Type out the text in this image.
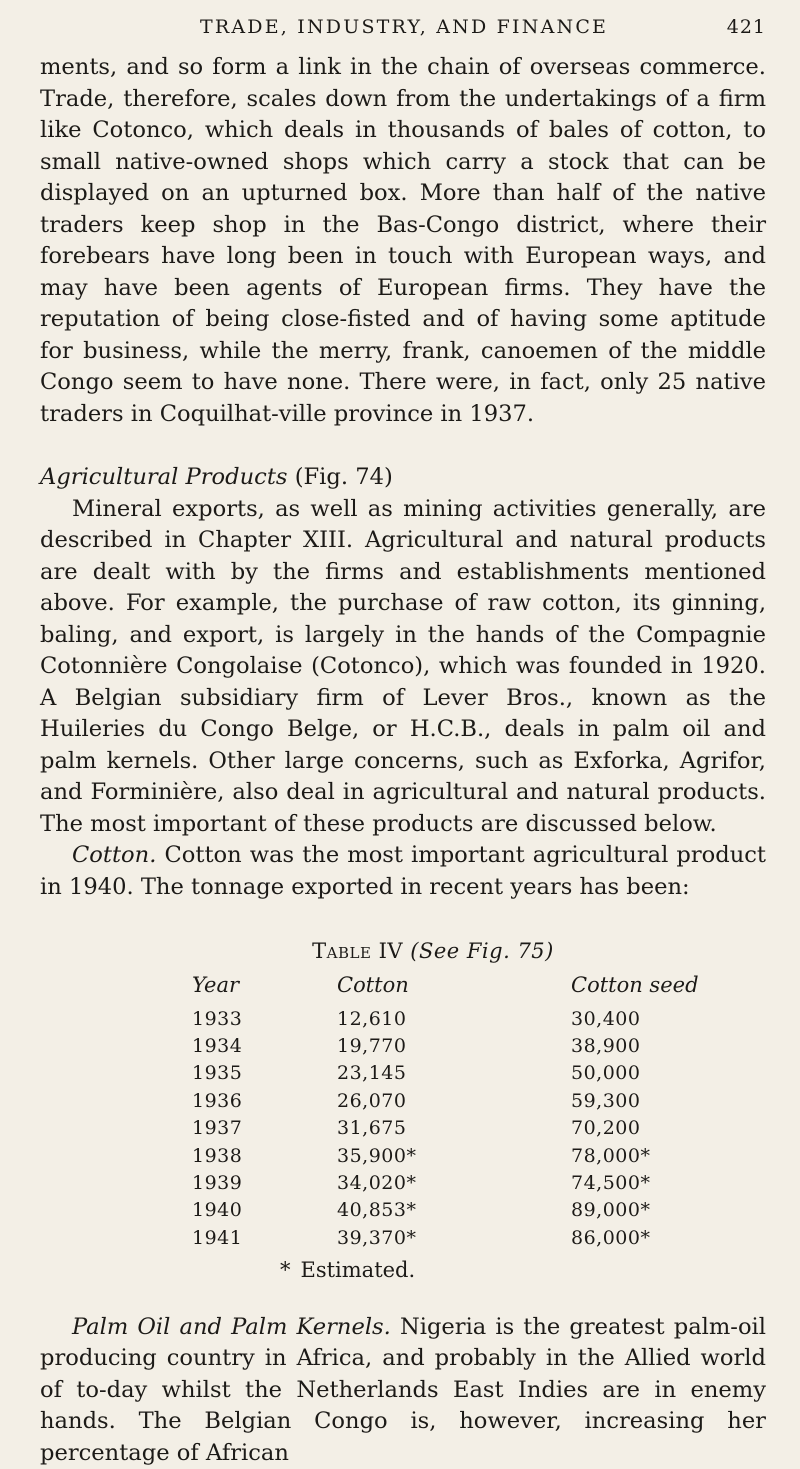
TRADE, INDUSTRY, AND FINANCE	421

ments, and so form a link in the chain of overseas commerce. Trade, therefore, scales down from the undertakings of a firm like Cotonco, which deals in thousands of bales of cotton, to small native-owned shops which carry a stock that can be displayed on an upturned box. More than half of the native traders keep shop in the Bas-Congo district, where their forebears have long been in touch with European ways, and may have been agents of European firms. They have the reputation of being close-fisted and of having some aptitude for business, while the merry, frank, canoemen of the middle Congo seem to have none. There were, in fact, only 25 native traders in Coquilhat-ville province in 1937.

Agricultural Products (Fig. 74)

Mineral exports, as well as mining activities generally, are described in Chapter XIII. Agricultural and natural products are dealt with by the firms and establishments mentioned above. For example, the purchase of raw cotton, its ginning, baling, and export, is largely in the hands of the Compagnie Cotonnière Congolaise (Cotonco), which was founded in 1920. A Belgian subsidiary firm of Lever Bros., known as the Huileries du Congo Belge, or H.C.B., deals in palm oil and palm kernels. Other large concerns, such as Exforka, Agrifor, and Forminière, also deal in agricultural and natural products. The most important of these products are discussed below.

Cotton. Cotton was the most important agricultural product in 1940. The tonnage exported in recent years has been:

Table IV (See Fig. 75)
Year	Cotton	Cotton seed
1933	12,610	30,400
1934	19,770	38,900
1935	23,145	50,000
1936	26,070	59,300
1937	31,675	70,200
1938	35,900*	78,000*
1939	34,020*	74,500*
1940	40,853*	89,000*
1941	39,370*	86,000*
* Estimated.

Palm Oil and Palm Kernels. Nigeria is the greatest palm-oil producing country in Africa, and probably in the Allied world of to-day whilst the Netherlands East Indies are in enemy hands. The Belgian Congo is, however, increasing her percentage of African
